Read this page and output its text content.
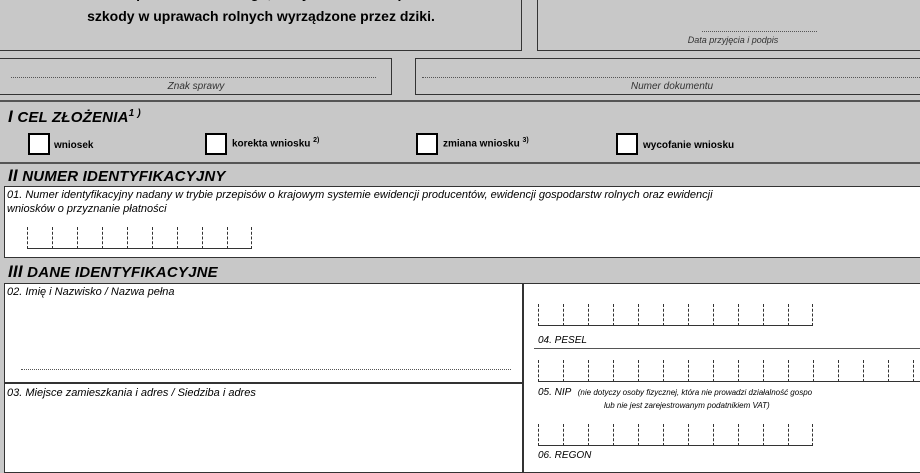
szkody w uprawach rolnych wyrządzone przez dziki.
Data przyjęcia i podpis
Znak sprawy	Numer dokumentu
I CEL $ZŁOŻENIA^{1 )}$
wniosek	korekta wniosku $^{2)}$	zmiana wniosku $^{3)}$	wycofanie wniosku
II NUMER IDENTYFIKACYJNY
01. Numer identyfikacyjny nadany w trybie przepisów o krajowym systemie ewidencji producentów, ewidencji gospodarstw rolnych oraz ewidencji
wniosków o przyznanie płatności
III DANE IDENTYFIKACYJNE
02. Imię i Nazwisko / Nazwa pełna
03. Miejsce zamieszkania i adres / Siedziba i adres
04. PESEL
05. NIP (nie dotyczy osoby fizycznej, która nie prowadzi działalność gospo
lub nie jest zarejestrowanym podatnikiem VAT)
06. REGON
